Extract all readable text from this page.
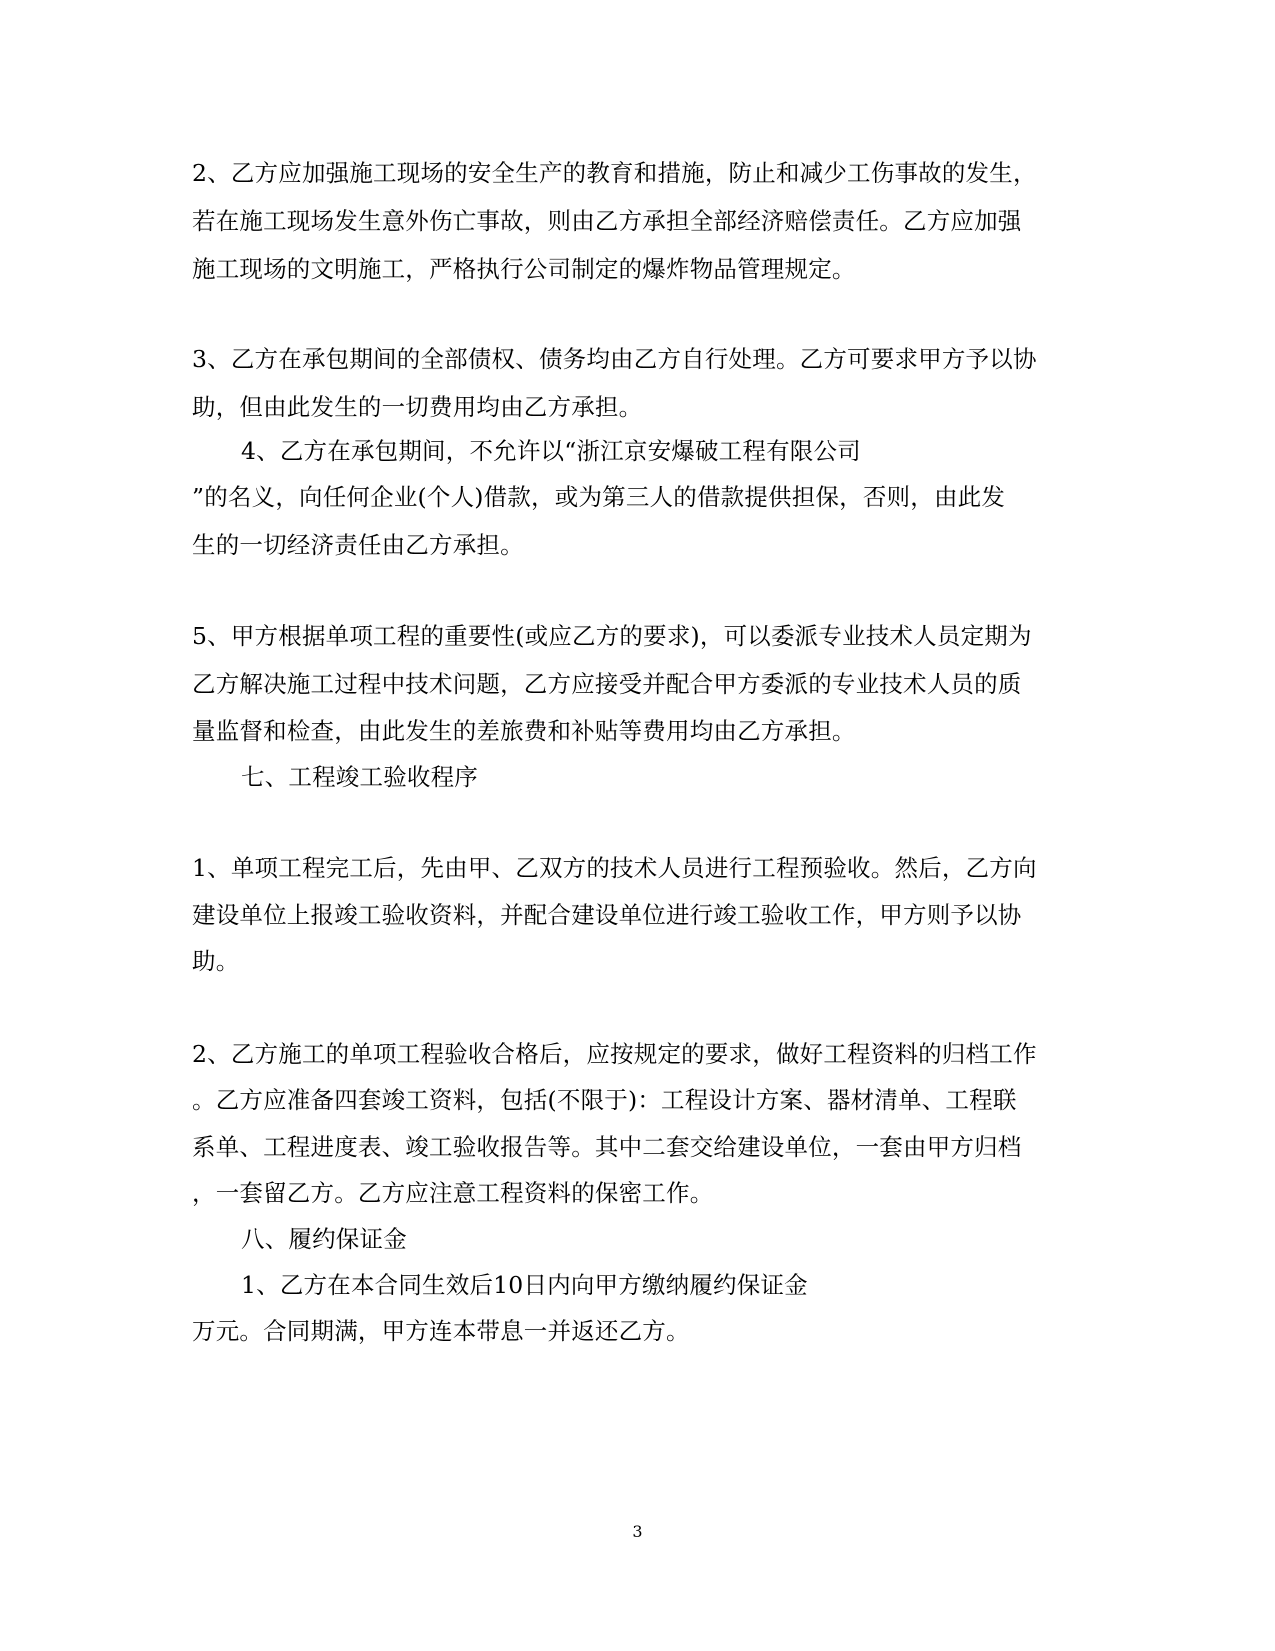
2、乙方应加强施工现场的安全生产的教育和措施，防止和减少工伤事故的发生，
若在施工现场发生意外伤亡事故，则由乙方承担全部经济赔偿责任。乙方应加强
施工现场的文明施工，严格执行公司制定的爆炸物品管理规定。
3、乙方在承包期间的全部债权、债务均由乙方自行处理。乙方可要求甲方予以协
助，但由此发生的一切费用均由乙方承担。
4、乙方在承包期间，不允许以“浙江京安爆破工程有限公司
”的名义，向任何企业(个人)借款，或为第三人的借款提供担保，否则，由此发
生的一切经济责任由乙方承担。
5、甲方根据单项工程的重要性(或应乙方的要求)，可以委派专业技术人员定期为
乙方解决施工过程中技术问题，乙方应接受并配合甲方委派的专业技术人员的质
量监督和检查，由此发生的差旅费和补贴等费用均由乙方承担。
七、工程竣工验收程序
1、单项工程完工后，先由甲、乙双方的技术人员进行工程预验收。然后，乙方向
建设单位上报竣工验收资料，并配合建设单位进行竣工验收工作，甲方则予以协
助。
2、乙方施工的单项工程验收合格后，应按规定的要求，做好工程资料的归档工作
。乙方应准备四套竣工资料，包括(不限于)：工程设计方案、器材清单、工程联
系单、工程进度表、竣工验收报告等。其中二套交给建设单位，一套由甲方归档
，一套留乙方。乙方应注意工程资料的保密工作。
八、履约保证金
1、乙方在本合同生效后10日内向甲方缴纳履约保证金
万元。合同期满，甲方连本带息一并返还乙方。
3
